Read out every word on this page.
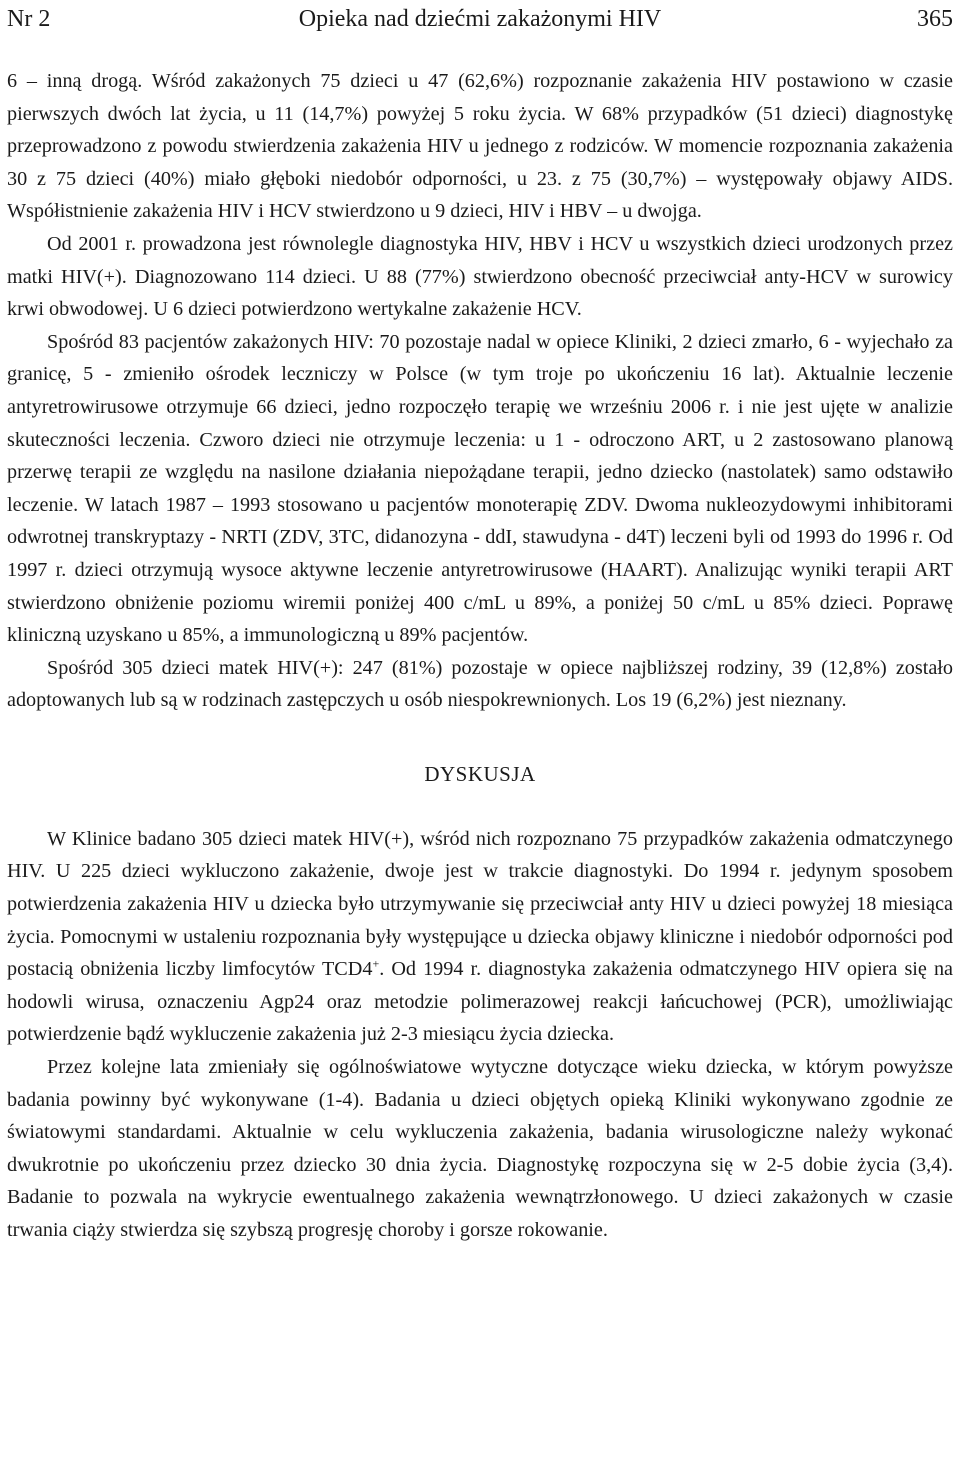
Nr 2	Opieka nad dziećmi zakażonymi HIV	365

6 – inną drogą. Wśród zakażonych 75 dzieci u 47 (62,6%) rozpoznanie zakażenia HIV postawiono w czasie pierwszych dwóch lat życia, u 11 (14,7%) powyżej 5 roku życia. W 68% przypadków (51 dzieci) diagnostykę przeprowadzono z powodu stwierdzenia zakażenia HIV u jednego z rodziców. W momencie rozpoznania zakażenia 30 z 75 dzieci (40%) miało głęboki niedobór odporności, u 23. z 75 (30,7%) – występowały objawy AIDS. Współistnienie zakażenia HIV i HCV stwierdzono u 9 dzieci, HIV i HBV – u dwojga.

Od 2001 r. prowadzona jest równolegle diagnostyka HIV, HBV i HCV u wszystkich dzieci urodzonych przez matki HIV(+). Diagnozowano 114 dzieci. U 88 (77%) stwierdzono obecność przeciwciał anty-HCV w surowicy krwi obwodowej. U 6 dzieci potwierdzono wertykalne zakażenie HCV.

Spośród 83 pacjentów zakażonych HIV: 70 pozostaje nadal w opiece Kliniki, 2 dzieci zmarło, 6 - wyjechało za granicę, 5 - zmieniło ośrodek leczniczy w Polsce (w tym troje po ukończeniu 16 lat). Aktualnie leczenie antyretrowirusowe otrzymuje 66 dzieci, jedno rozpoczęło terapię we wrześniu 2006 r. i nie jest ujęte w analizie skuteczności leczenia. Czworo dzieci nie otrzymuje leczenia: u 1 - odroczono ART, u 2 zastosowano planową przerwę terapii ze względu na nasilone działania niepożądane terapii, jedno dziecko (nastolatek) samo odstawiło leczenie. W latach 1987 – 1993 stosowano u pacjentów monoterapię ZDV. Dwoma nukleozydowymi inhibitorami odwrotnej transkryptazy - NRTI (ZDV, 3TC, didanozyna - ddI, stawudyna - d4T) leczeni byli od 1993 do 1996 r. Od 1997 r. dzieci otrzymują wysoce aktywne leczenie antyretrowirusowe (HAART). Analizując wyniki terapii ART stwierdzono obniżenie poziomu wiremii poniżej 400 c/mL u 89%, a poniżej 50 c/mL u 85% dzieci. Poprawę kliniczną uzyskano u 85%, a immunologiczną u 89% pacjentów.

Spośród 305 dzieci matek HIV(+): 247 (81%) pozostaje w opiece najbliższej rodziny, 39 (12,8%) zostało adoptowanych lub są w rodzinach zastępczych u osób niespokrewnionych. Los 19 (6,2%) jest nieznany.

DYSKUSJA

W Klinice badano 305 dzieci matek HIV(+), wśród nich rozpoznano 75 przypadków zakażenia odmatczynego HIV. U 225 dzieci wykluczono zakażenie, dwoje jest w trakcie diagnostyki. Do 1994 r. jedynym sposobem potwierdzenia zakażenia HIV u dziecka było utrzymywanie się przeciwciał anty HIV u dzieci powyżej 18 miesiąca życia. Pomocnymi w ustaleniu rozpoznania były występujące u dziecka objawy kliniczne i niedobór odporności pod postacią obniżenia liczby limfocytów TCD4+. Od 1994 r. diagnostyka zakażenia odmatczynego HIV opiera się na hodowli wirusa, oznaczeniu Agp24 oraz metodzie polimerazowej reakcji łańcuchowej (PCR), umożliwiając potwierdzenie bądź wykluczenie zakażenia już 2-3 miesiącu życia dziecka.

Przez kolejne lata zmieniały się ogólnoświatowe wytyczne dotyczące wieku dziecka, w którym powyższe badania powinny być wykonywane (1-4). Badania u dzieci objętych opieką Kliniki wykonywano zgodnie ze światowymi standardami. Aktualnie w celu wykluczenia zakażenia, badania wirusologiczne należy wykonać dwukrotnie po ukończeniu przez dziecko 30 dnia życia. Diagnostykę rozpoczyna się w 2-5 dobie życia (3,4). Badanie to pozwala na wykrycie ewentualnego zakażenia wewnątrzłonowego. U dzieci zakażonych w czasie trwania ciąży stwierdza się szybszą progresję choroby i gorsze rokowanie.
